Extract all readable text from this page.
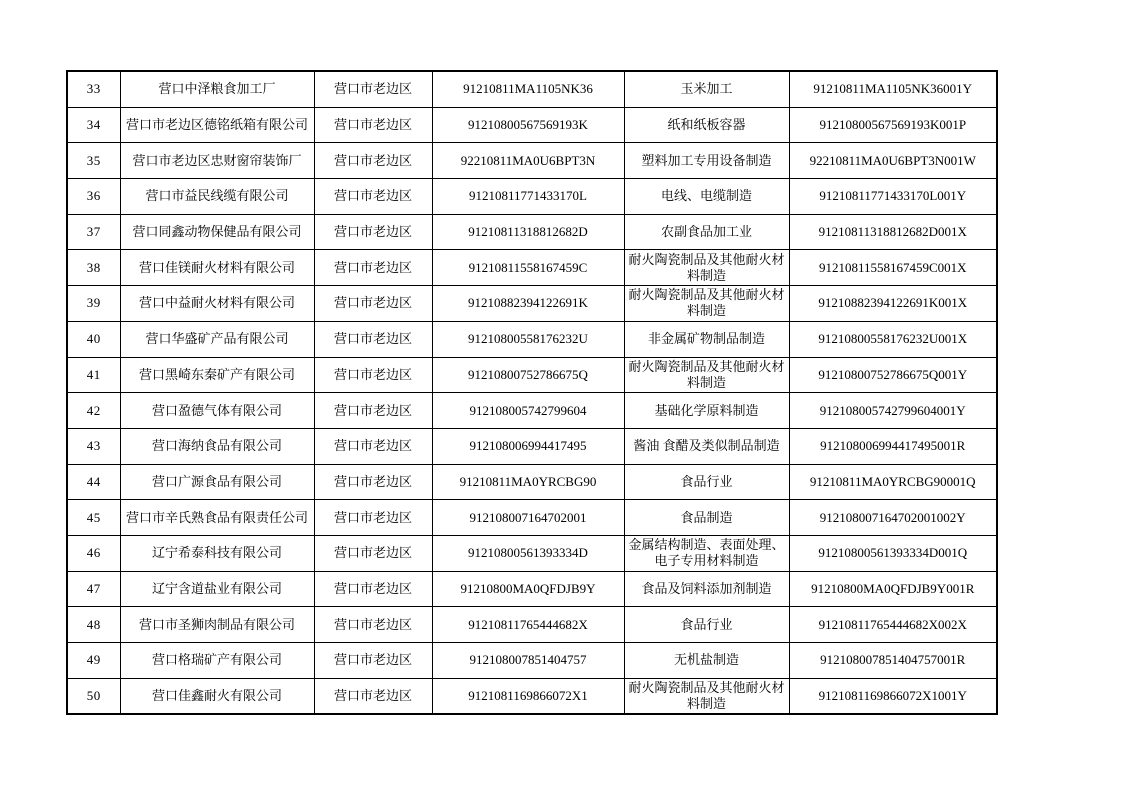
33	营口中泽粮食加工厂	营口市老边区	91210811MA1105NK36	玉米加工	91210811MA1105NK36001Y
34	营口市老边区德铭纸箱有限公司	营口市老边区	91210800567569193K	纸和纸板容器	91210800567569193K001P
35	营口市老边区忠财窗帘装饰厂	营口市老边区	92210811MA0U6BPT3N	塑料加工专用设备制造	92210811MA0U6BPT3N001W
36	营口市益民线缆有限公司	营口市老边区	91210811771433170L	电线、电缆制造	91210811771433170L001Y
37	营口同鑫动物保健品有限公司	营口市老边区	91210811318812682D	农副食品加工业	91210811318812682D001X
38	营口佳镁耐火材料有限公司	营口市老边区	91210811558167459C	耐火陶瓷制品及其他耐火材料制造	91210811558167459C001X
39	营口中益耐火材料有限公司	营口市老边区	91210882394122691K	耐火陶瓷制品及其他耐火材料制造	91210882394122691K001X
40	营口华盛矿产品有限公司	营口市老边区	91210800558176232U	非金属矿物制品制造	91210800558176232U001X
41	营口黑崎东秦矿产有限公司	营口市老边区	91210800752786675Q	耐火陶瓷制品及其他耐火材料制造	91210800752786675Q001Y
42	营口盈德气体有限公司	营口市老边区	912108005742799604	基础化学原料制造	912108005742799604001Y
43	营口海纳食品有限公司	营口市老边区	912108006994417495	酱油 食醋及类似制品制造	912108006994417495001R
44	营口广源食品有限公司	营口市老边区	91210811MA0YRCBG90	食品行业	91210811MA0YRCBG90001Q
45	营口市辛氏熟食品有限责任公司	营口市老边区	912108007164702001	食品制造	912108007164702001002Y
46	辽宁希泰科技有限公司	营口市老边区	91210800561393334D	金属结构制造、表面处理、电子专用材料制造	91210800561393334D001Q
47	辽宁含道盐业有限公司	营口市老边区	91210800MA0QFDJB9Y	食品及饲料添加剂制造	91210800MA0QFDJB9Y001R
48	营口市圣狮肉制品有限公司	营口市老边区	91210811765444682X	食品行业	91210811765444682X002X
49	营口格瑞矿产有限公司	营口市老边区	912108007851404757	无机盐制造	912108007851404757001R
50	营口佳鑫耐火有限公司	营口市老边区	9121081169866072X1	耐火陶瓷制品及其他耐火材料制造	9121081169866072X1001Y
